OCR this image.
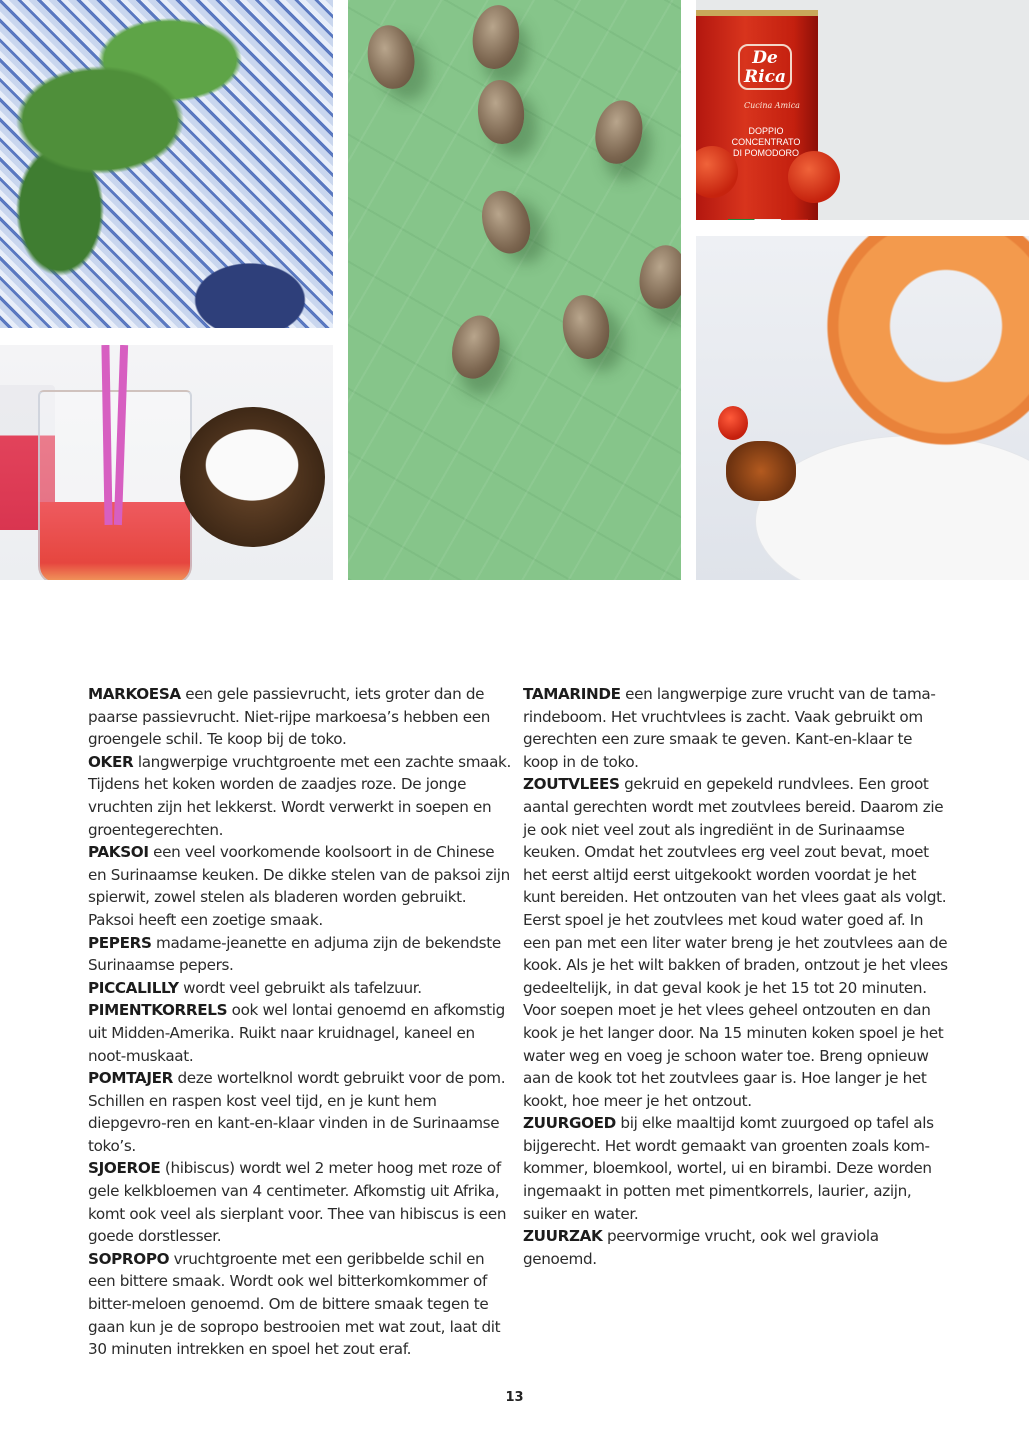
De
Rica
Cucina Amica
DOPPIO CONCENTRATO
DI POMODORO

MARKOESA een gele passievrucht, iets groter dan de paarse passievrucht. Niet-rijpe markoesa’s hebben een groengele schil. Te koop bij de toko.

OKER langwerpige vruchtgroente met een zachte smaak. Tijdens het koken worden de zaadjes roze. De jonge vruchten zijn het lekkerst. Wordt verwerkt in soepen en groentegerechten.

PAKSOI een veel voorkomende koolsoort in de Chinese en Surinaamse keuken. De dikke stelen van de paksoi zijn spierwit, zowel stelen als bladeren worden gebruikt. Paksoi heeft een zoetige smaak.

PEPERS madame-jeanette en adjuma zijn de bekendste Surinaamse pepers.

PICCALILLY wordt veel gebruikt als tafelzuur.

PIMENTKORRELS ook wel lontai genoemd en afkomstig uit Midden-Amerika. Ruikt naar kruidnagel, kaneel en noot-muskaat.

POMTAJER deze wortelknol wordt gebruikt voor de pom. Schillen en raspen kost veel tijd, en je kunt hem diepgevro-ren en kant-en-klaar vinden in de Surinaamse toko’s.

SJOEROE (hibiscus) wordt wel 2 meter hoog met roze of gele kelkbloemen van 4 centimeter. Afkomstig uit Afrika, komt ook veel als sierplant voor. Thee van hibiscus is een goede dorstlesser.

SOPROPO vruchtgroente met een geribbelde schil en een bittere smaak. Wordt ook wel bitterkomkommer of bitter-meloen genoemd. Om de bittere smaak tegen te gaan kun je de sopropo bestrooien met wat zout, laat dit 30 minuten intrekken en spoel het zout eraf.

TAMARINDE een langwerpige zure vrucht van de tama-rindeboom. Het vruchtvlees is zacht. Vaak gebruikt om gerechten een zure smaak te geven. Kant-en-klaar te koop in de toko.

ZOUTVLEES gekruid en gepekeld rundvlees. Een groot aantal gerechten wordt met zoutvlees bereid. Daarom zie je ook niet veel zout als ingrediënt in de Surinaamse keuken. Omdat het zoutvlees erg veel zout bevat, moet het eerst altijd eerst uitgekookt worden voordat je het kunt bereiden. Het ontzouten van het vlees gaat als volgt. Eerst spoel je het zoutvlees met koud water goed af. In een pan met een liter water breng je het zoutvlees aan de kook. Als je het wilt bakken of braden, ontzout je het vlees gedeeltelijk, in dat geval kook je het 15 tot 20 minuten. Voor soepen moet je het vlees geheel ontzouten en dan kook je het langer door. Na 15 minuten koken spoel je het water weg en voeg je schoon water toe. Breng opnieuw aan de kook tot het zoutvlees gaar is. Hoe langer je het kookt, hoe meer je het ontzout.

ZUURGOED bij elke maaltijd komt zuurgoed op tafel als bijgerecht. Het wordt gemaakt van groenten zoals kom-kommer, bloemkool, wortel, ui en birambi. Deze worden ingemaakt in potten met pimentkorrels, laurier, azijn, suiker en water.

ZUURZAK peervormige vrucht, ook wel graviola genoemd.

13
